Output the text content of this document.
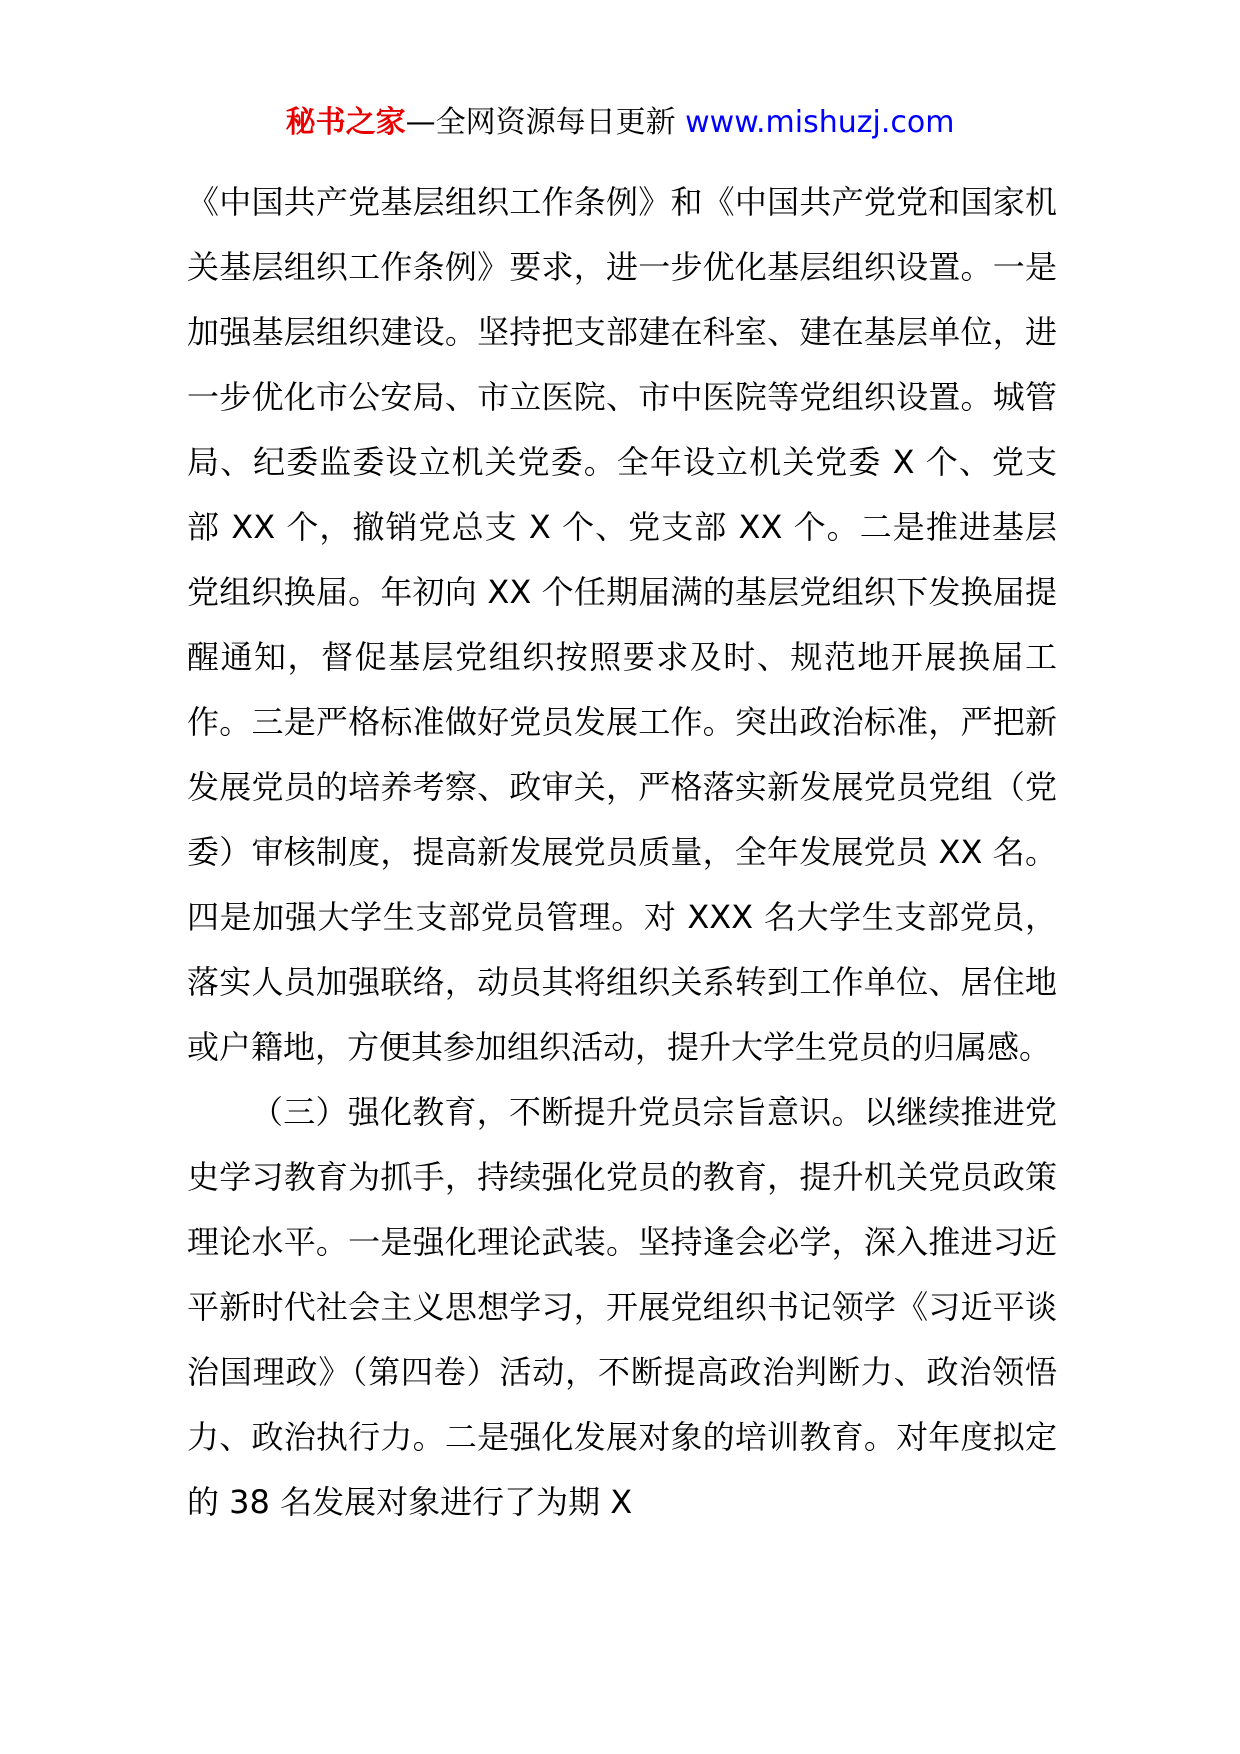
秘书之家—全网资源每日更新 www.mishuzj.com

《中国共产党基层组织工作条例》和《中国共产党党和国家机关基层组织工作条例》要求，进一步优化基层组织设置。一是加强基层组织建设。坚持把支部建在科室、建在基层单位，进一步优化市公安局、市立医院、市中医院等党组织设置。城管局、纪委监委设立机关党委。全年设立机关党委 X 个、党支部 XX 个，撤销党总支 X 个、党支部 XX 个。二是推进基层党组织换届。年初向 XX 个任期届满的基层党组织下发换届提醒通知，督促基层党组织按照要求及时、规范地开展换届工作。三是严格标准做好党员发展工作。突出政治标准，严把新发展党员的培养考察、政审关，严格落实新发展党员党组（党委）审核制度，提高新发展党员质量，全年发展党员 XX 名。四是加强大学生支部党员管理。对 XXX 名大学生支部党员，落实人员加强联络，动员其将组织关系转到工作单位、居住地或户籍地，方便其参加组织活动，提升大学生党员的归属感。

（三）强化教育，不断提升党员宗旨意识。以继续推进党史学习教育为抓手，持续强化党员的教育，提升机关党员政策理论水平。一是强化理论武装。坚持逢会必学，深入推进习近平新时代社会主义思想学习，开展党组织书记领学《习近平谈治国理政》（第四卷）活动，不断提高政治判断力、政治领悟力、政治执行力。二是强化发展对象的培训教育。对年度拟定的 38 名发展对象进行了为期 X
